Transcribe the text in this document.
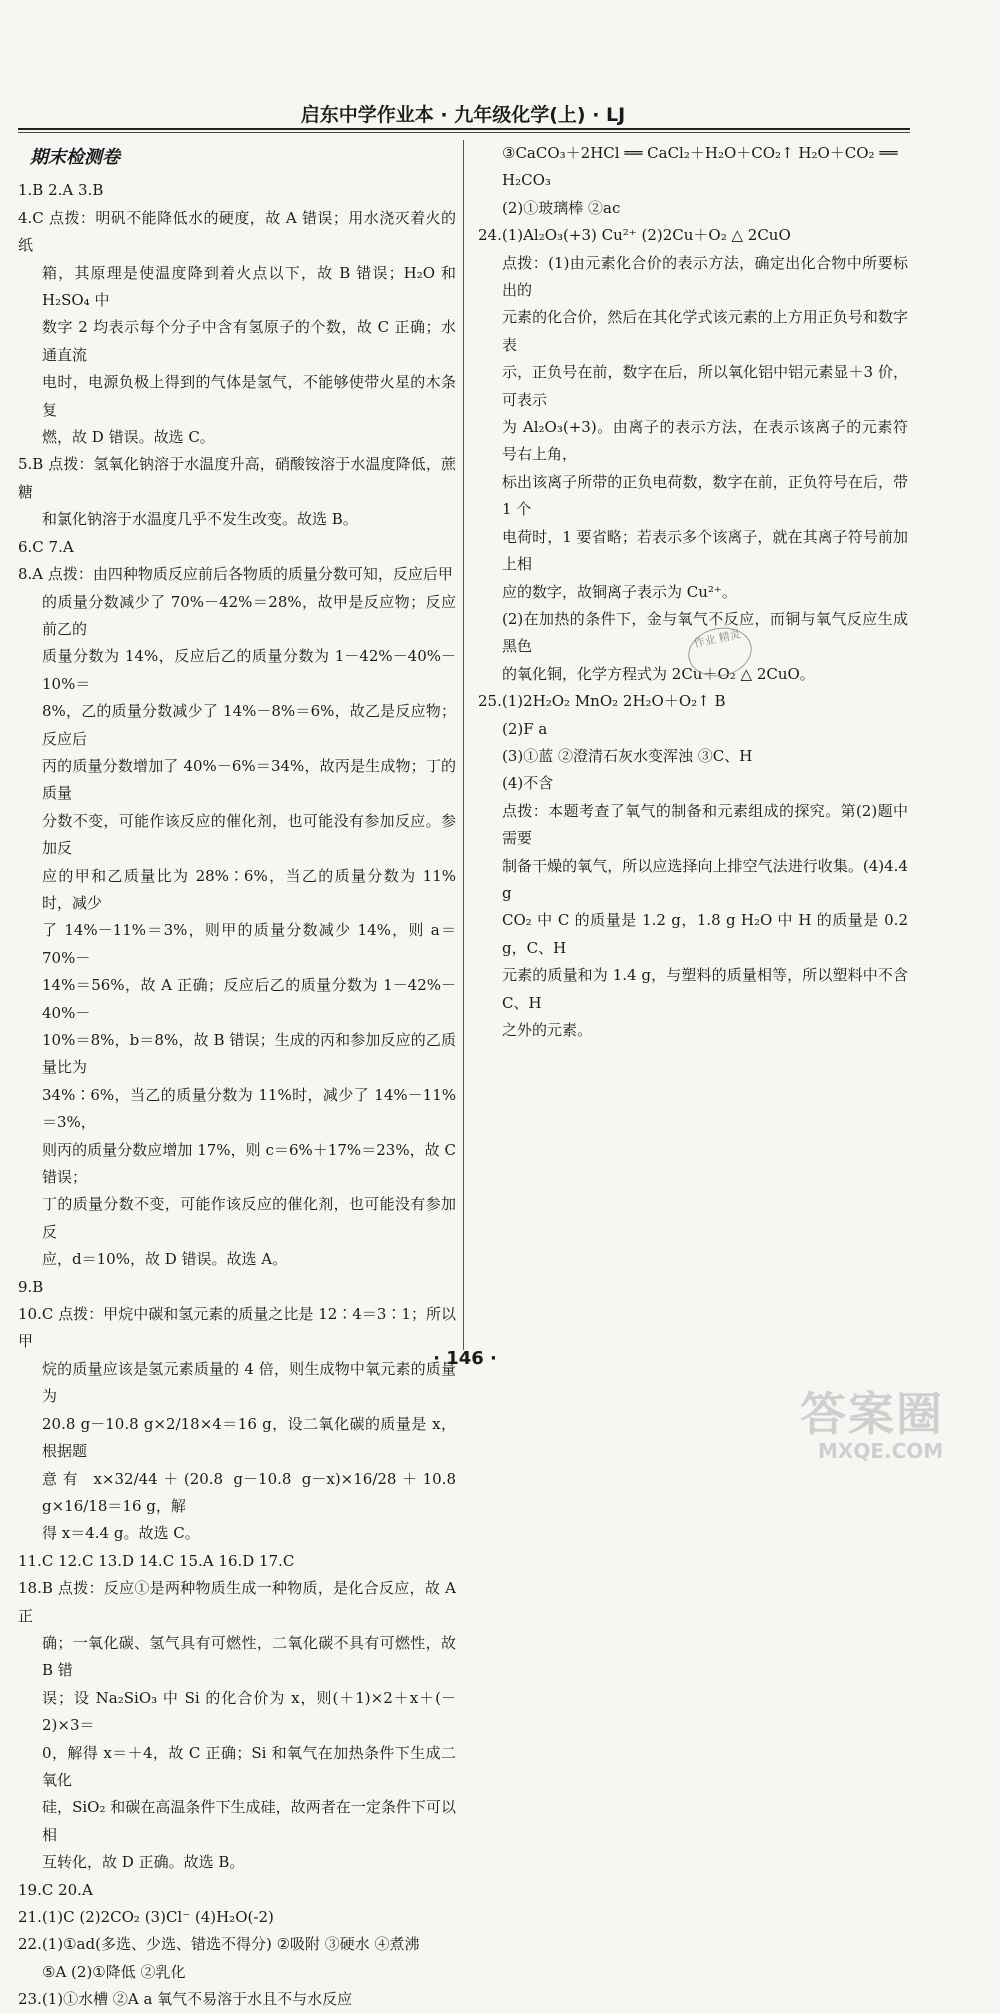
启东中学作业本 · 九年级化学(上) · LJ
期末检测卷

1.B 2.A 3.B

4.C 点拨：明矾不能降低水的硬度，故 A 错误；用水浇灭着火的纸

箱，其原理是使温度降到着火点以下，故 B 错误；H₂O 和 H₂SO₄ 中

数字 2 均表示每个分子中含有氢原子的个数，故 C 正确；水通直流

电时，电源负极上得到的气体是氢气，不能够使带火星的木条复

燃，故 D 错误。故选 C。

5.B 点拨：氢氧化钠溶于水温度升高，硝酸铵溶于水温度降低，蔗糖

和氯化钠溶于水温度几乎不发生改变。故选 B。

6.C 7.A

8.A 点拨：由四种物质反应前后各物质的质量分数可知，反应后甲

的质量分数减少了 70%－42%＝28%，故甲是反应物；反应前乙的

质量分数为 14%，反应后乙的质量分数为 1－42%－40%－10%＝

8%，乙的质量分数减少了 14%－8%＝6%，故乙是反应物；反应后

丙的质量分数增加了 40%－6%＝34%，故丙是生成物；丁的质量

分数不变，可能作该反应的催化剂，也可能没有参加反应。参加反

应的甲和乙质量比为 28%∶6%，当乙的质量分数为 11%时，减少

了 14%－11%＝3%，则甲的质量分数减少 14%，则 a＝70%－

14%＝56%，故 A 正确；反应后乙的质量分数为 1－42%－40%－

10%＝8%，b＝8%，故 B 错误；生成的丙和参加反应的乙质量比为

34%∶6%，当乙的质量分数为 11%时，减少了 14%－11%＝3%，

则丙的质量分数应增加 17%，则 c＝6%＋17%＝23%，故 C 错误；

丁的质量分数不变，可能作该反应的催化剂，也可能没有参加反

应，d＝10%，故 D 错误。故选 A。

9.B

10.C 点拨：甲烷中碳和氢元素的质量之比是 12∶4＝3∶1；所以甲

烷的质量应该是氢元素质量的 4 倍，则生成物中氧元素的质量为

20.8 g－10.8 g×2/18×4＝16 g，设二氧化碳的质量是 x，根据题

意有 x×32/44＋(20.8 g－10.8 g－x)×16/28＋10.8 g×16/18＝16 g，解

得 x＝4.4 g。故选 C。

11.C 12.C 13.D 14.C 15.A 16.D 17.C

18.B 点拨：反应①是两种物质生成一种物质，是化合反应，故 A 正

确；一氧化碳、氢气具有可燃性，二氧化碳不具有可燃性，故 B 错

误；设 Na₂SiO₃ 中 Si 的化合价为 x，则(＋1)×2＋x＋(－2)×3＝

0，解得 x＝＋4，故 C 正确；Si 和氧气在加热条件下生成二氧化

硅，SiO₂ 和碳在高温条件下生成硅，故两者在一定条件下可以相

互转化，故 D 正确。故选 B。

19.C 20.A

21.(1)C (2)2CO₂ (3)Cl⁻ (4)H₂O(-2)

22.(1)①ad(多选、少选、错选不得分) ②吸附 ③硬水 ④煮沸

⑤A (2)①降低 ②乳化

23.(1)①水槽 ②A a 氧气不易溶于水且不与水反应

③CaCO₃＋2HCl ══ CaCl₂＋H₂O＋CO₂↑ H₂O＋CO₂ ══

H₂CO₃

(2)①玻璃棒 ②ac

24.(1)Al₂O₃(+3) Cu²⁺ (2)2Cu＋O₂ △ 2CuO

点拨：(1)由元素化合价的表示方法，确定出化合物中所要标出的

元素的化合价，然后在其化学式该元素的上方用正负号和数字表

示，正负号在前，数字在后，所以氧化铝中铝元素显＋3 价，可表示

为 Al₂O₃(+3)。由离子的表示方法，在表示该离子的元素符号右上角，

标出该离子所带的正负电荷数，数字在前，正负符号在后，带 1 个

电荷时，1 要省略；若表示多个该离子，就在其离子符号前加上相

应的数字，故铜离子表示为 Cu²⁺。

(2)在加热的条件下，金与氧气不反应，而铜与氧气反应生成黑色

的氧化铜，化学方程式为 2Cu＋O₂ △ 2CuO。

25.(1)2H₂O₂ MnO₂ 2H₂O＋O₂↑ B

(2)F a

(3)①蓝 ②澄清石灰水变浑浊 ③C、H

(4)不含

点拨：本题考查了氧气的制备和元素组成的探究。第(2)题中需要

制备干燥的氧气，所以应选择向上排空气法进行收集。(4)4.4 g

CO₂ 中 C 的质量是 1.2 g，1.8 g H₂O 中 H 的质量是 0.2 g，C、H

元素的质量和为 1.4 g，与塑料的质量相等，所以塑料中不含 C、H

之外的元素。

作业 精灵
· 146 ·
答案圈
MXQE.COM
